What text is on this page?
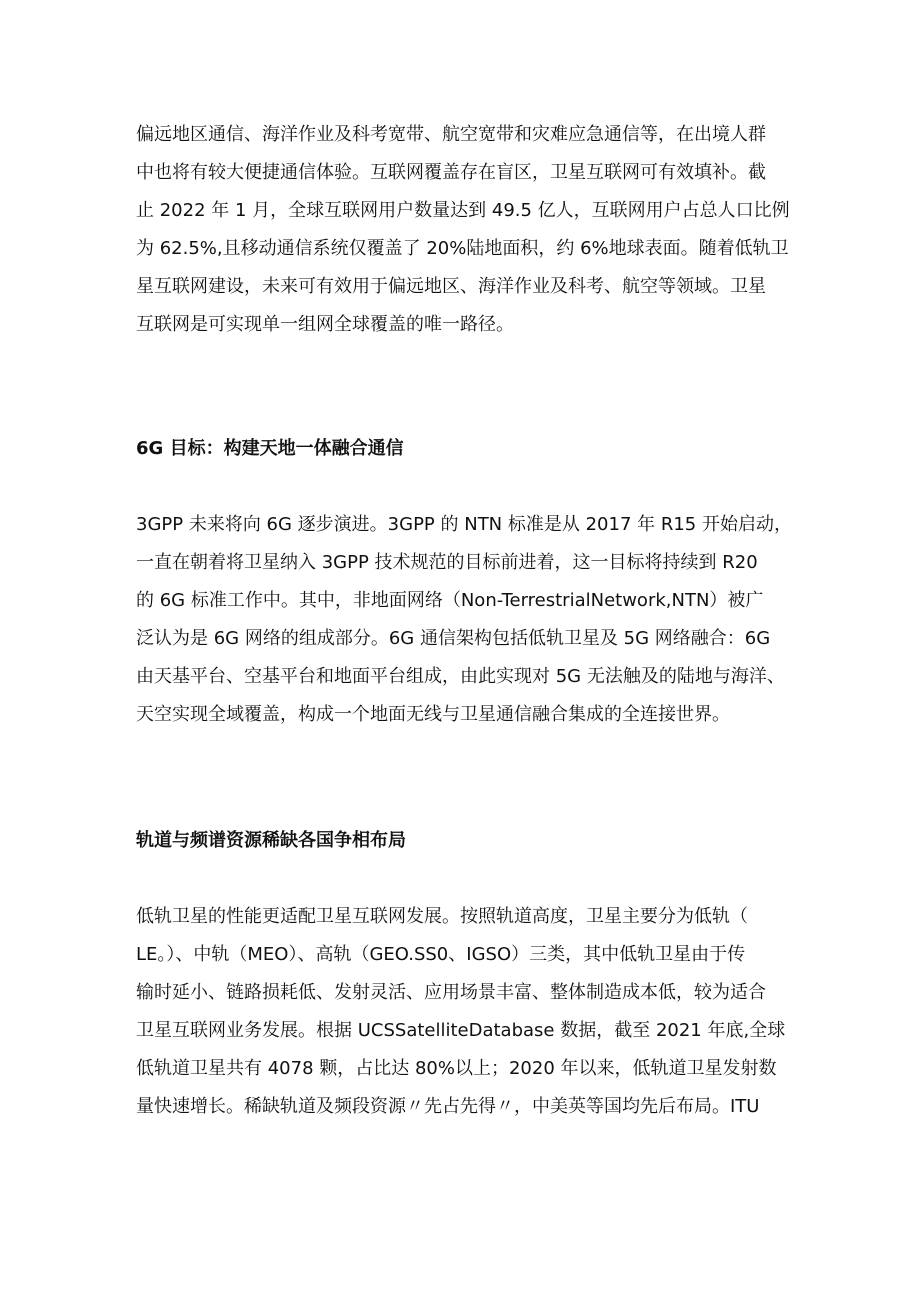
偏远地区通信、海洋作业及科考宽带、航空宽带和灾难应急通信等，在出境人群
中也将有较大便捷通信体验。互联网覆盖存在盲区，卫星互联网可有效填补。截
止 2022 年 1 月，全球互联网用户数量达到 49.5 亿人，互联网用户占总人口比例
为 62.5%,且移动通信系统仅覆盖了 20%陆地面积，约 6%地球表面。随着低轨卫
星互联网建设，未来可有效用于偏远地区、海洋作业及科考、航空等领域。卫星
互联网是可实现单一组网全球覆盖的唯一路径。
6G 目标：构建天地一体融合通信
3GPP 未来将向 6G 逐步演进。3GPP 的 NTN 标准是从 2017 年 R15 开始启动，
一直在朝着将卫星纳入 3GPP 技术规范的目标前进着，这一目标将持续到 R20
的 6G 标准工作中。其中，非地面网络（Non-TerrestrialNetwork,NTN）被广
泛认为是 6G 网络的组成部分。6G 通信架构包括低轨卫星及 5G 网络融合：6G
由天基平台、空基平台和地面平台组成，由此实现对 5G 无法触及的陆地与海洋、
天空实现全域覆盖，构成一个地面无线与卫星通信融合集成的全连接世界。
轨道与频谱资源稀缺各国争相布局
低轨卫星的性能更适配卫星互联网发展。按照轨道高度，卫星主要分为低轨（
LE。）、中轨（MEO）、高轨（GEO.SS0、IGSO）三类，其中低轨卫星由于传
输时延小、链路损耗低、发射灵活、应用场景丰富、整体制造成本低，较为适合
卫星互联网业务发展。根据 UCSSatelliteDatabase 数据，截至 2021 年底,全球
低轨道卫星共有 4078 颗，占比达 80%以上；2020 年以来，低轨道卫星发射数
量快速增长。稀缺轨道及频段资源〃先占先得〃，中美英等国均先后布局。ITU
